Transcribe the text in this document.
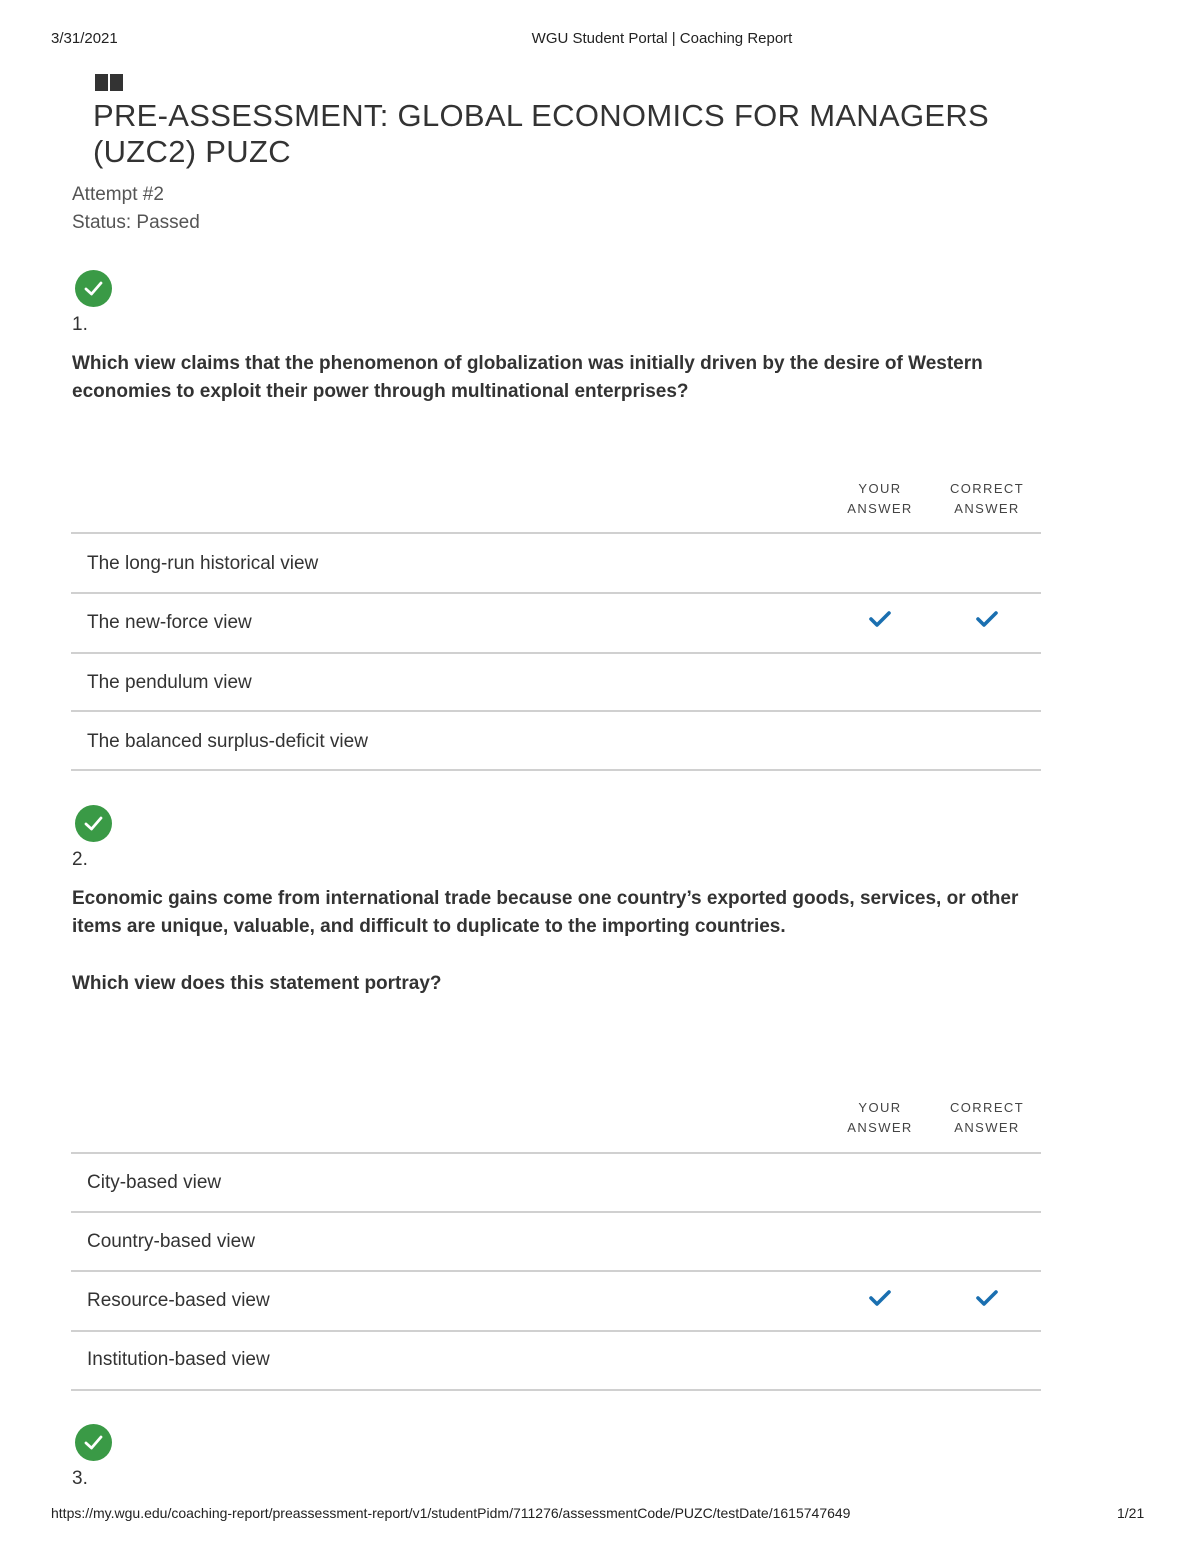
3/31/2021	WGU Student Portal | Coaching Report
PRE-ASSESSMENT: GLOBAL ECONOMICS FOR MANAGERS (UZC2) PUZC
Attempt #2
Status: Passed
1.
Which view claims that the phenomenon of globalization was initially driven by the desire of Western economies to exploit their power through multinational enterprises?
YOUR ANSWER
CORRECT ANSWER
The long-run historical view
The new-force view
The pendulum view
The balanced surplus-deficit view
2.
Economic gains come from international trade because one country’s exported goods, services, or other items are unique, valuable, and difficult to duplicate to the importing countries.
Which view does this statement portray?
YOUR ANSWER
CORRECT ANSWER
City-based view
Country-based view
Resource-based view
Institution-based view
3.
https://my.wgu.edu/coaching-report/preassessment-report/v1/studentPidm/711276/assessmentCode/PUZC/testDate/1615747649	1/21
